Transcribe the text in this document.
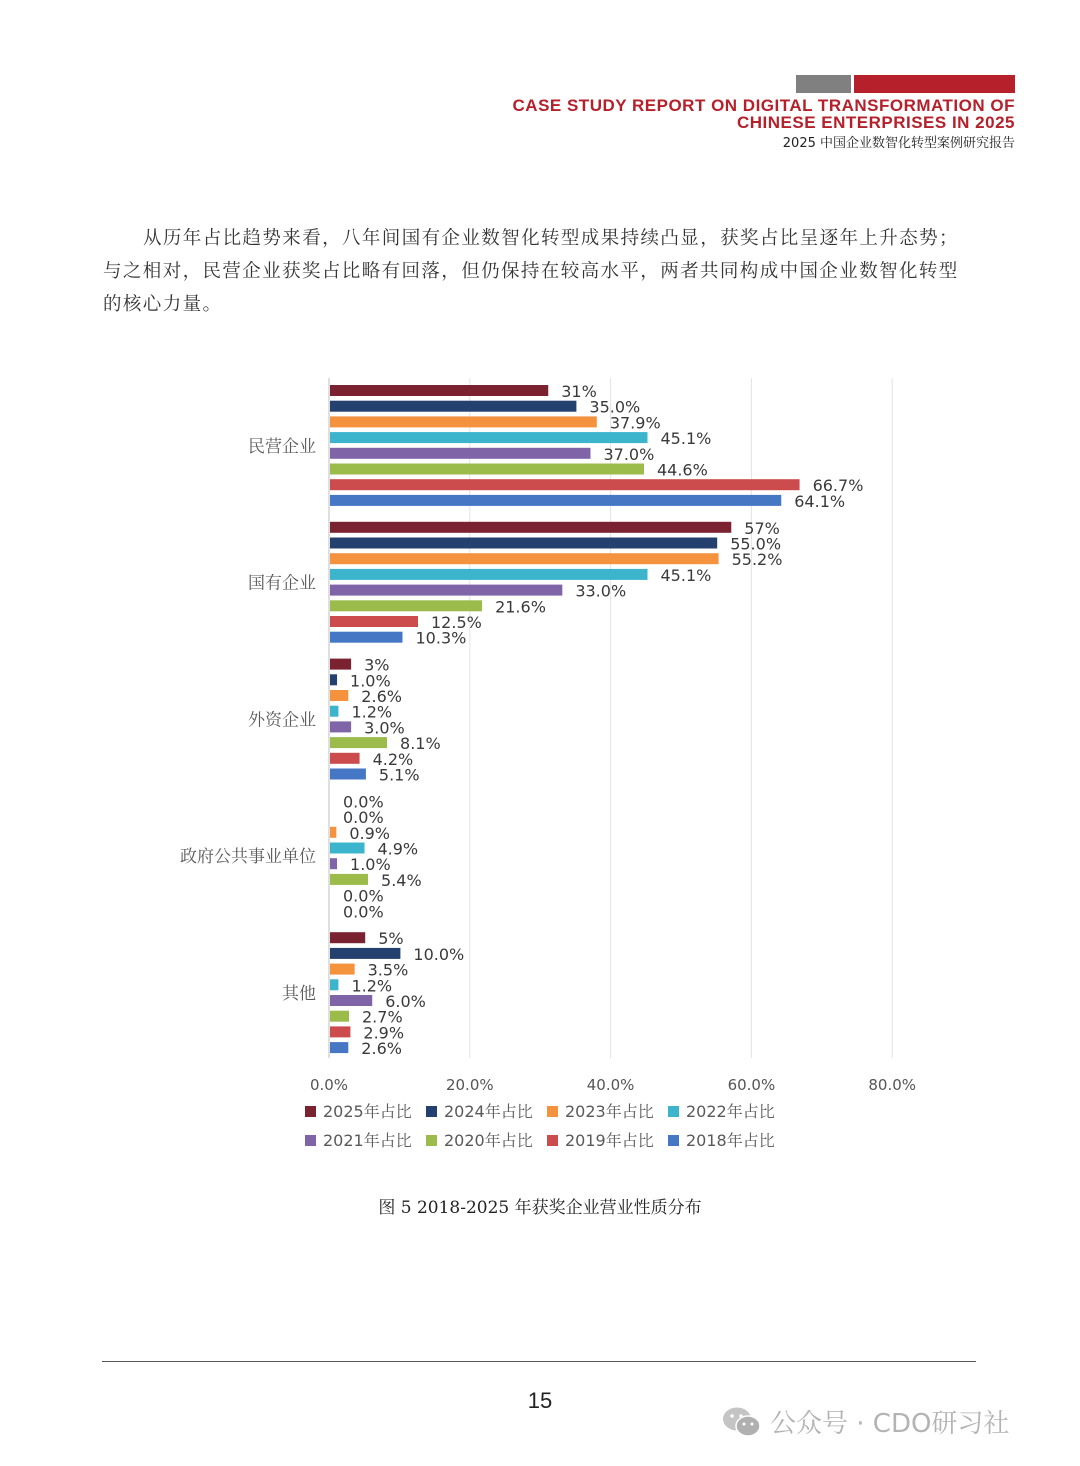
CASE STUDY REPORT ON DIGITAL TRANSFORMATION OF
CHINESE ENTERPRISES IN 2025
2025 中国企业数智化转型案例研究报告
从历年占比趋势来看，八年间国有企业数智化转型成果持续凸显，获奖占比呈逐年上升态势；
与之相对，民营企业获奖占比略有回落，但仍保持在较高水平，两者共同构成中国企业数智化转型
的核心力量。
0.0%	20.0%	40.0%	60.0%	80.0%
民营企业
31%
35.0%
37.9%
45.1%
37.0%
44.6%
66.7%
64.1%
国有企业
57%
55.0%
55.2%
45.1%
33.0%
21.6%
12.5%
10.3%
外资企业
3%
1.0%
2.6%
1.2%
3.0%
8.1%
4.2%
5.1%
政府公共事业单位
0.0%
0.0%
0.9%
4.9%
1.0%
5.4%
0.0%
0.0%
其他
5%
10.0%
3.5%
1.2%
6.0%
2.7%
2.9%
2.6%
2025年占比 2024年占比 2023年占比 2022年占比
2021年占比 2020年占比 2019年占比 2018年占比
图 5 2018-2025 年获奖企业营业性质分布
15
公众号 · CDO研习社
